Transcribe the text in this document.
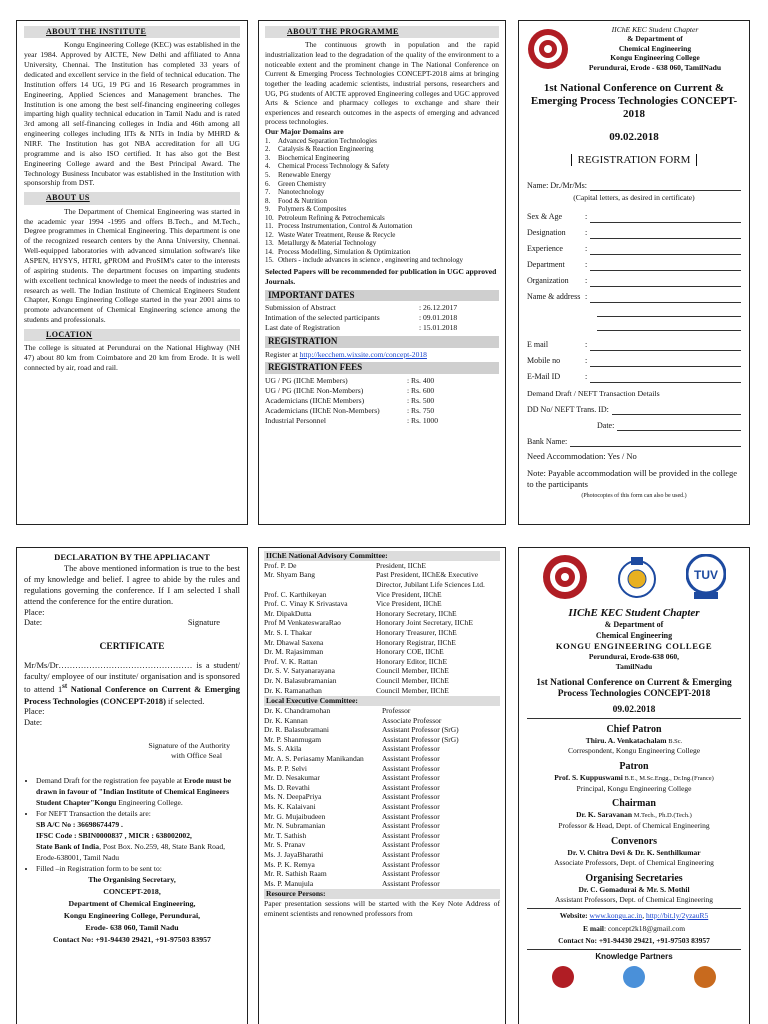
ABOUT THE INSTITUTE

Kongu Engineering College (KEC) was established in the year 1984. Approved by AICTE, New Delhi and affiliated to Anna University, Chennai. The Institution has completed 33 years of dedicated and excellent service in the field of technical education. The Institution offers 14 UG, 19 PG and 16 Research programmes in Engineering, Applied Sciences and Management branches. The Institution is one among the best self-financing engineering colleges imparting high quality technical education in Tamil Nadu and is rated 3rd among all self-financing colleges in India and 46th among all engineering colleges including IITs & NITs in India by MHRD & NIRF. The Institution has got NBA accreditation for all UG programme and is also ISO certified. It has also got the Best Engineering College award and the Best Principal Award. The Technology Business Incubator was established in the Institution with sponsorship from DST.

ABOUT US

The Department of Chemical Engineering was started in the academic year 1994 -1995 and offers B.Tech., and M.Tech., Degree programmes in Chemical Engineering. This department is one of the recognized research centers by the Anna University, Chennai. Well-equipped laboratories with advanced simulation software's like ASPEN, HYSYS, HTRI, gPROM and ProSIM's cater to the interests of aspiring students. The department focuses on imparting students with excellent technical knowledge to meet the needs of industries and research as well. The Indian Institute of Chemical Engineers Student Chapter, Kongu Engineering College started in the year 2001 aims to promote advancement of Chemical Engineering science among the students and professionals.

LOCATION

The college is situated at Perundurai on the National Highway (NH 47) about 80 km from Coimbatore and 20 km from Erode. It is well connected by air, road and rail.

ABOUT THE PROGRAMME

The continuous growth in population and the rapid industrialization lead to the degradation of the quality of the environment to a noticeable extent and the prominent change in The National Conference on Current & Emerging Process Technologies CONCEPT-2018 aims at bringing together the leading academic scientists, industrial persons, researchers and UG, PG students of AICTE approved Engineering colleges and UGC approved Arts & Science and pharmacy colleges to exchange and share their experiences and research outcomes in the aspects of emerging and advanced process technologies.

Our Major Domains are
1.	Advanced Separation Technologies
2.	Catalysis & Reaction Engineering
3.	Biochemical Engineering
4.	Chemical Process Technology & Safety
5.	Renewable Energy
6.	Green Chemistry
7.	Nanotechnology
8.	Food & Nutrition
9.	Polymers & Composites
10. Petroleum Refining & Petrochemicals
11. Process Instrumentation, Control & Automation
12. Waste Water Treatment, Reuse & Recycle
13. Metallurgy & Material Technology
14. Process Modelling, Simulation & Optimization
15. Others - include advances in science , engineering and technology

Selected Papers will be recommended for publication in UGC approved Journals.

IMPORTANT DATES
Submission of Abstract	: 26.12.2017
Intimation of the selected participants	: 09.01.2018
Last date of Registration	: 15.01.2018
REGISTRATION
Register at http://kecchem.wixsite.com/concept-2018
REGISTRATION FEES
UG / PG (IIChE Members)	: Rs. 400
UG / PG (IIChE Non-Members)	: Rs. 600
Academicians (IIChE Members)	: Rs. 500
Academicians (IIChE Non-Members)	: Rs. 750
Industrial Personnel	: Rs. 1000
IIChE KEC Student Chapter
& Department of
Chemical Engineering
Kongu Engineering College
Perundurai, Erode - 638 060, TamilNadu
1st National Conference on Current & Emerging Process Technologies CONCEPT-2018
09.02.2018
REGISTRATION FORM
Name: Dr./Mr/Ms:
(Capital letters, as desired in certificate)
Sex & Age	:
Designation	:
Experience	:
Department	:
Organization	:
Name & address :
E mail	:
Mobile no	:
E-Mail ID	:
Demand Draft / NEFT Transaction Details
DD No/ NEFT Trans. ID:
Date:
Bank Name:
Need Accommodation: Yes / No
Note: Payable accommodation will be provided in the college to the participants
(Photocopies of this form can also be used.)
DECLARATION BY THE APPLIACANT

The above mentioned information is true to the best of my knowledge and belief. I agree to abide by the rules and regulations governing the conference. If I am selected I shall attend the conference for the entire duration.

Place:
Date:	Signature
CERTIFICATE

Mr/Ms/Dr………………………………………… is a student/ faculty/ employee of our institute/ organisation and is sponsored to attend 1st National Conference on Current & Emerging Process Technologies (CONCEPT-2018) if selected.

Place:
Date:
Signature of the Authority
with Office Seal
• Demand Draft for the registration fee payable at Erode must be drawn in favour of "Indian Institute of Chemical Engineers Student Chapter"Kongu Engineering College.
• For NEFT Transaction the details are:
SB A/C No : 36698674479 .
IFSC Code : SBIN0000837 , MICR : 638002002,
State Bank of India, Post Box. No.259, 48, State Bank Road, Erode-638001, Tamil Nadu
• Filled –in Registration form to be sent to:
The Organising Secretary,
CONCEPT-2018,
Department of Chemical Engineering,
Kongu Engineering College, Perundurai,
Erode- 638 060, Tamil Nadu
Contact No: +91-94430 29421, +91-97503 83957
IIChE National Advisory Committee:
Prof. P. De	President, IIChE
Mr. Shyam Bang	Past President, IIChE& Executive Director, Jubilant Life Sciences Ltd.
Prof. C. Karthikeyan	Vice President, IIChE
Prof. C. Vinay K Srivastava	Vice President, IIChE
Mr. DipakDutta	Honorary Secretary, IIChE
Prof M VenkateswaraRao	Honorary Joint Secretary, IIChE
Mr. S. I. Thakar	Honorary Treasurer, IIChE
Mr. Dhawal Saxena	Honorary Registrar, IIChE
Dr. M. Rajasimman	Honorary COE, IIChE
Prof. V. K. Rattan	Honorary Editor, IIChE
Dr. S. V. Satyanarayana	Council Member, IIChE
Dr. N. Balasubramanian	Council Member, IIChE
Dr. K. Ramanathan	Council Member, IIChE
Local Executive Committee:
Dr. K. Chandramohan	Professor
Dr. K. Kannan	Associate Professor
Dr. R. Balasubramani	Assistant Professor (SrG)
Mr. P. Shanmugam	Assistant Professor (SrG)
Ms. S. Akila	Assistant Professor
Mr. A. S. Periasamy Manikandan	Assistant Professor
Ms. P. P. Selvi	Assistant Professor
Mr. D. Nesakumar	Assistant Professor
Ms. D. Revathi	Assistant Professor
Ms. N. DeepaPriya	Assistant Professor
Ms. K. Kalaivani	Assistant Professor
Mr. G. Mujaibudeen	Assistant Professor
Mr. N. Subramanian	Assistant Professor
Mr. T. Sathish	Assistant Professor
Mr. S. Pranav	Assistant Professor
Ms. J. JayaBharathi	Assistant Professor
Ms. P. K. Remya	Assistant Professor
Mr. R. Sathish Raam	Assistant Professor
Ms. P. Manujula	Assistant Professor
Resource Persons:

Paper presentation sessions will be started with the Key Note Address of eminent scientists and renowned professors from

TUV
IIChE KEC Student Chapter
& Department of
Chemical Engineering
KONGU ENGINEERING COLLEGE
Perundurai, Erode-638 060,
TamilNadu
1st National Conference on Current & Emerging Process Technologies CONCEPT-2018
09.02.2018
Chief Patron
Thiru. A. Venkatachalam B.Sc.
Correspondent, Kongu Engineering College
Patron
Prof. S. Kuppuswami B.E., M.Sc.Engg., Dr.Ing.(France)
Principal, Kongu Engineering College
Chairman
Dr. K. Saravanan M.Tech., Ph.D.(Tech.)
Professor & Head, Dept. of Chemical Engineering
Convenors
Dr. V. Chitra Devi & Dr. K. Senthilkumar
Associate Professors, Dept. of Chemical Engineering
Organising Secretaries
Dr. C. Gomadurai & Mr. S. Mothil
Assistant Professors, Dept. of Chemical Engineering
Website: www.kongu.ac.in, http://bit.ly/2yzauR5
E mail: concept2k18@gmail.com
Contact No: +91-94430 29421, +91-97503 83957
Knowledge Partners
